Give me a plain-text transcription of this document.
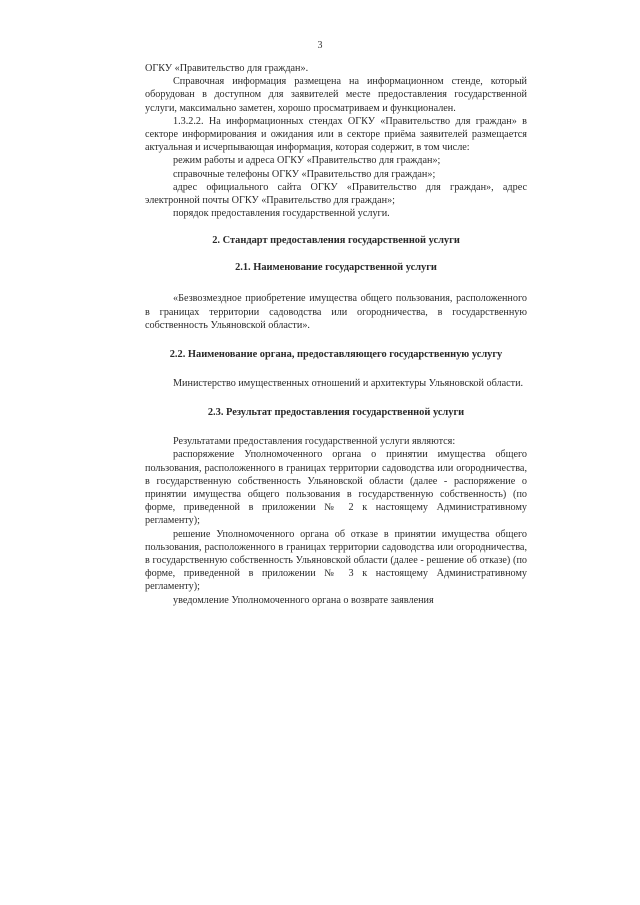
3

ОГКУ «Правительство для граждан».

Справочная информация размещена на информационном стенде, который оборудован в доступном для заявителей месте предоставления государственной услуги, максимально заметен, хорошо просматриваем и функционален.

1.3.2.2. На информационных стендах ОГКУ «Правительство для граждан» в секторе информирования и ожидания или в секторе приёма заявителей размещается актуальная и исчерпывающая информация, которая содержит, в том числе:

режим работы и адреса ОГКУ «Правительство для граждан»;

справочные телефоны ОГКУ «Правительство для граждан»;

адрес официального сайта ОГКУ «Правительство для граждан», адрес электронной почты ОГКУ «Правительство для граждан»;

порядок предоставления государственной услуги.

2. Стандарт предоставления государственной услуги

2.1. Наименование государственной услуги

«Безвозмездное приобретение имущества общего пользования, расположенного в границах территории садоводства или огородничества, в государственную собственность Ульяновской области».

2.2. Наименование органа, предоставляющего государственную услугу

Министерство имущественных отношений и архитектуры Ульяновской области.

2.3. Результат предоставления государственной услуги

Результатами предоставления государственной услуги являются:

распоряжение Уполномоченного органа о принятии имущества общего пользования, расположенного в границах территории садоводства или огородничества, в государственную собственность Ульяновской области (далее - распоряжение о принятии имущества общего пользования в государственную собственность) (по форме, приведенной в приложении № 2 к настоящему Административному регламенту);

решение Уполномоченного органа об отказе в принятии имущества общего пользования, расположенного в границах территории садоводства или огородничества, в государственную собственность Ульяновской области (далее - решение об отказе) (по форме, приведенной в приложении № 3 к настоящему Административному регламенту);

уведомление Уполномоченного органа о возврате заявления
